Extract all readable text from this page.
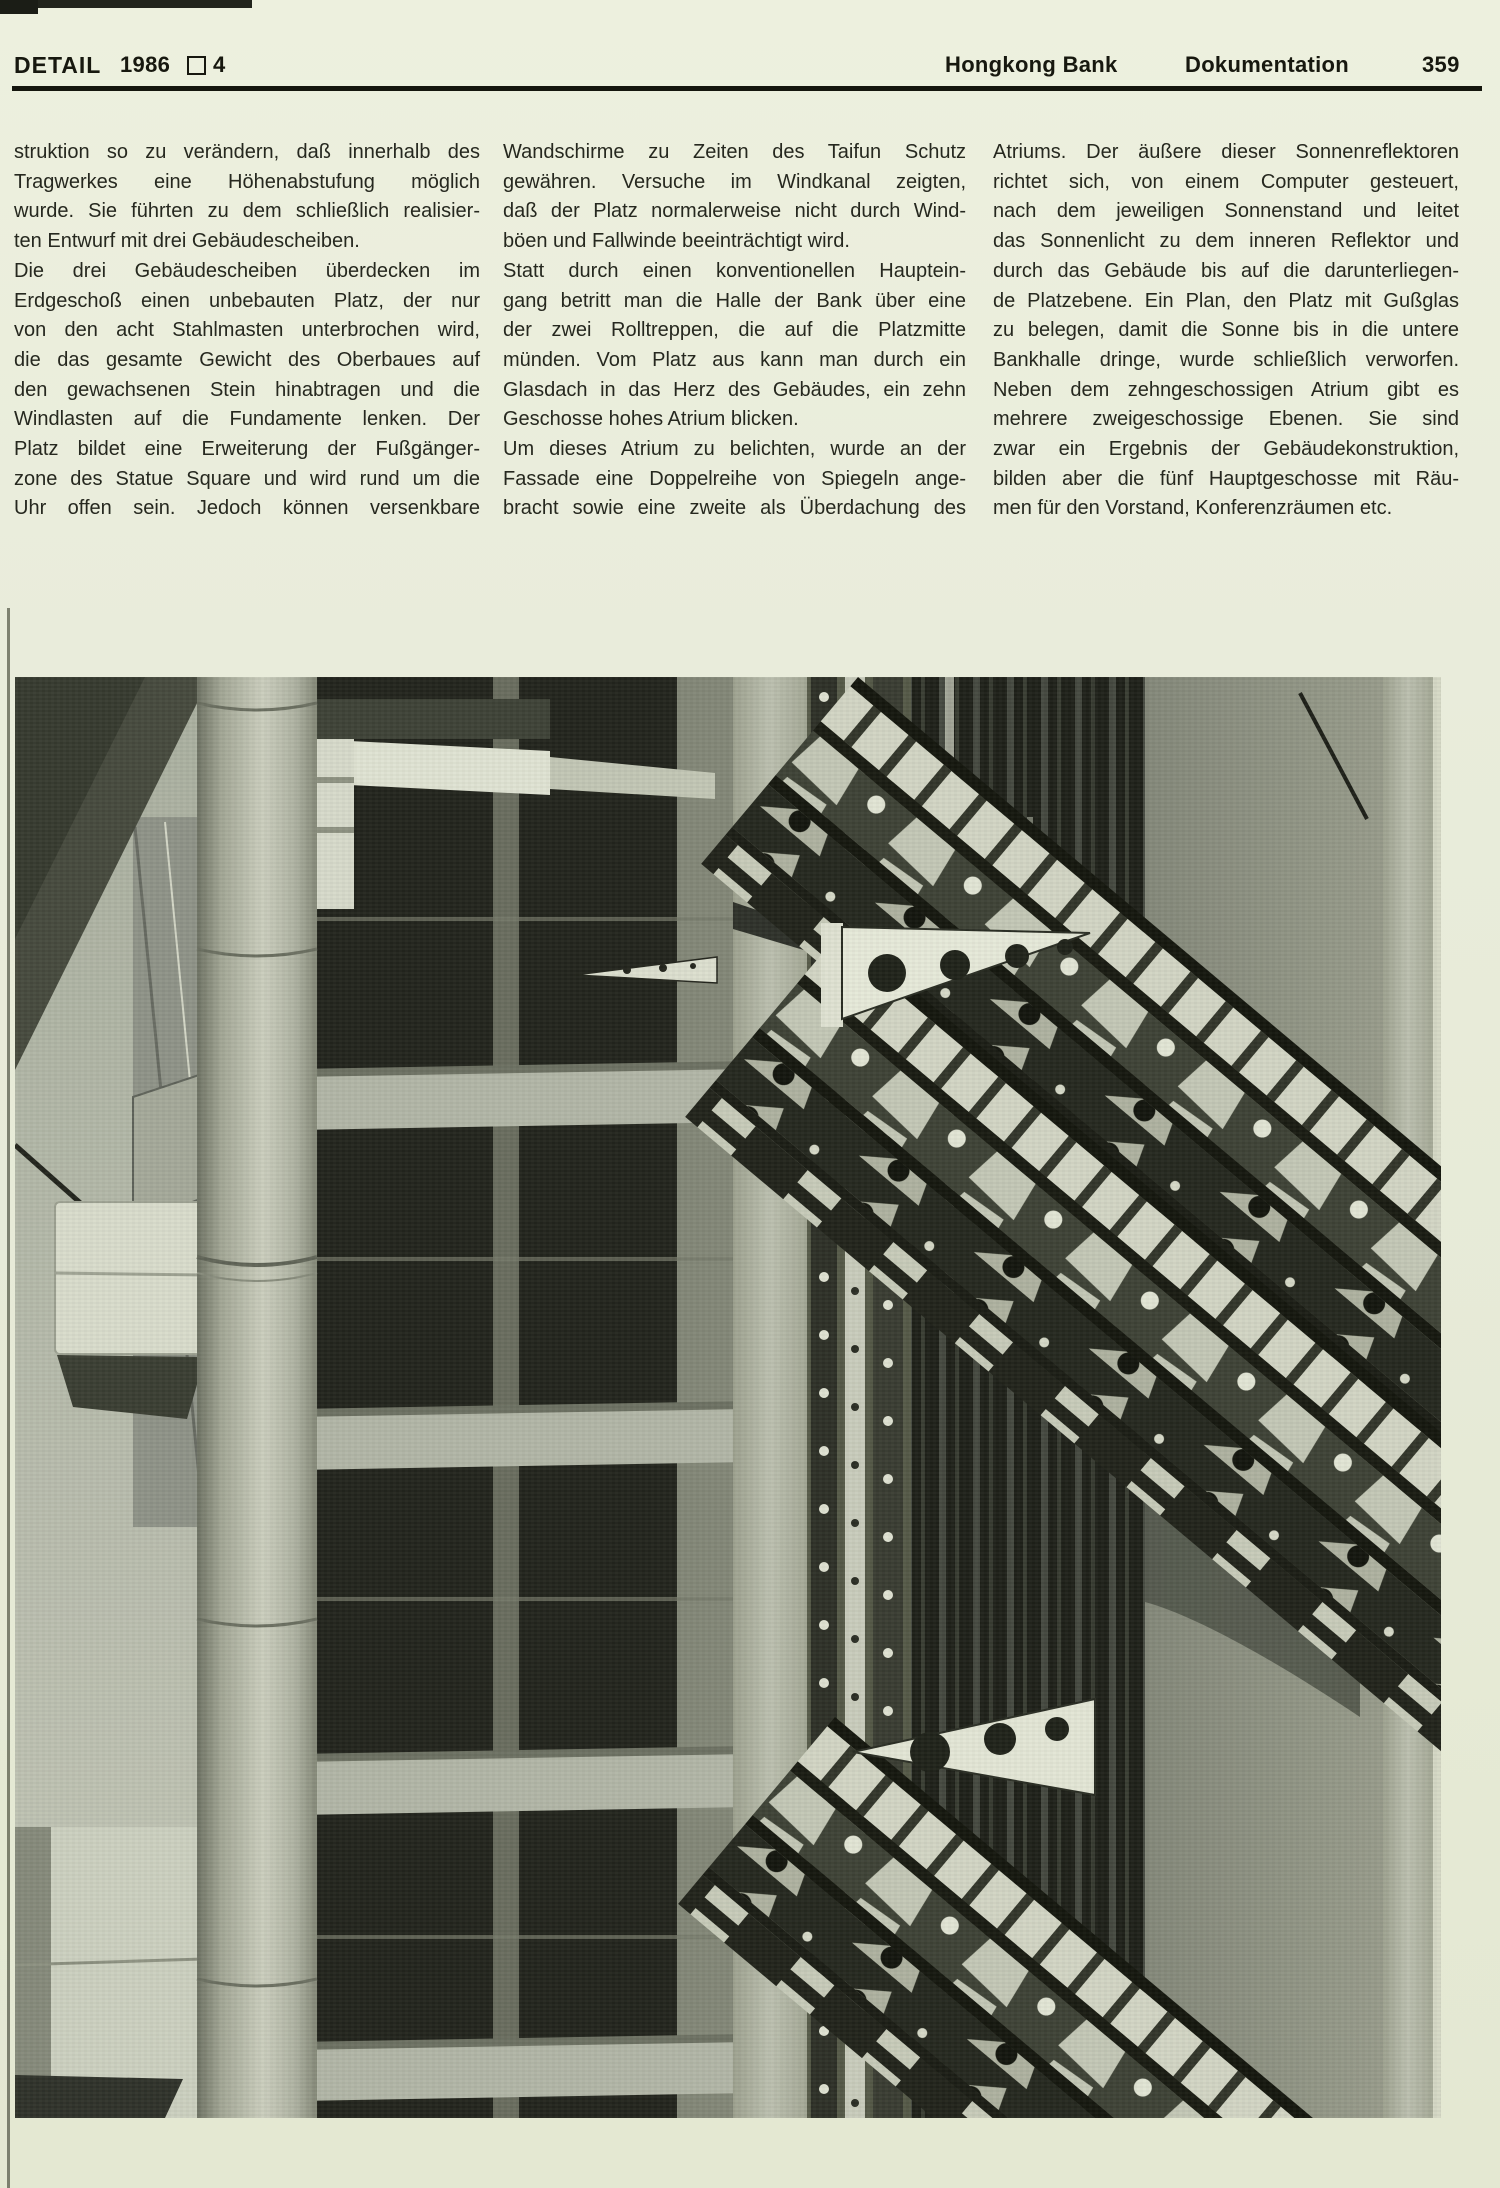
DETAIL 1986 4	Hongkong Bank	Dokumentation	359
struktion so zu verändern, daß innerhalb des
Tragwerkes eine Höhenabstufung möglich
wurde. Sie führten zu dem schließlich realisier-
ten Entwurf mit drei Gebäudescheiben.
Die drei Gebäudescheiben überdecken im
Erdgeschoß einen unbebauten Platz, der nur
von den acht Stahlmasten unterbrochen wird,
die das gesamte Gewicht des Oberbaues auf
den gewachsenen Stein hinabtragen und die
Windlasten auf die Fundamente lenken. Der
Platz bildet eine Erweiterung der Fußgänger-
zone des Statue Square und wird rund um die
Uhr offen sein. Jedoch können versenkbare
Wandschirme zu Zeiten des Taifun Schutz
gewähren. Versuche im Windkanal zeigten,
daß der Platz normalerweise nicht durch Wind-
böen und Fallwinde beeinträchtigt wird.
Statt durch einen konventionellen Hauptein-
gang betritt man die Halle der Bank über eine
der zwei Rolltreppen, die auf die Platzmitte
münden. Vom Platz aus kann man durch ein
Glasdach in das Herz des Gebäudes, ein zehn
Geschosse hohes Atrium blicken.
Um dieses Atrium zu belichten, wurde an der
Fassade eine Doppelreihe von Spiegeln ange-
bracht sowie eine zweite als Überdachung des
Atriums. Der äußere dieser Sonnenreflektoren
richtet sich, von einem Computer gesteuert,
nach dem jeweiligen Sonnenstand und leitet
das Sonnenlicht zu dem inneren Reflektor und
durch das Gebäude bis auf die darunterliegen-
de Platzebene. Ein Plan, den Platz mit Gußglas
zu belegen, damit die Sonne bis in die untere
Bankhalle dringe, wurde schließlich verworfen.
Neben dem zehngeschossigen Atrium gibt es
mehrere zweigeschossige Ebenen. Sie sind
zwar ein Ergebnis der Gebäudekonstruktion,
bilden aber die fünf Hauptgeschosse mit Räu-
men für den Vorstand, Konferenzräumen etc.
